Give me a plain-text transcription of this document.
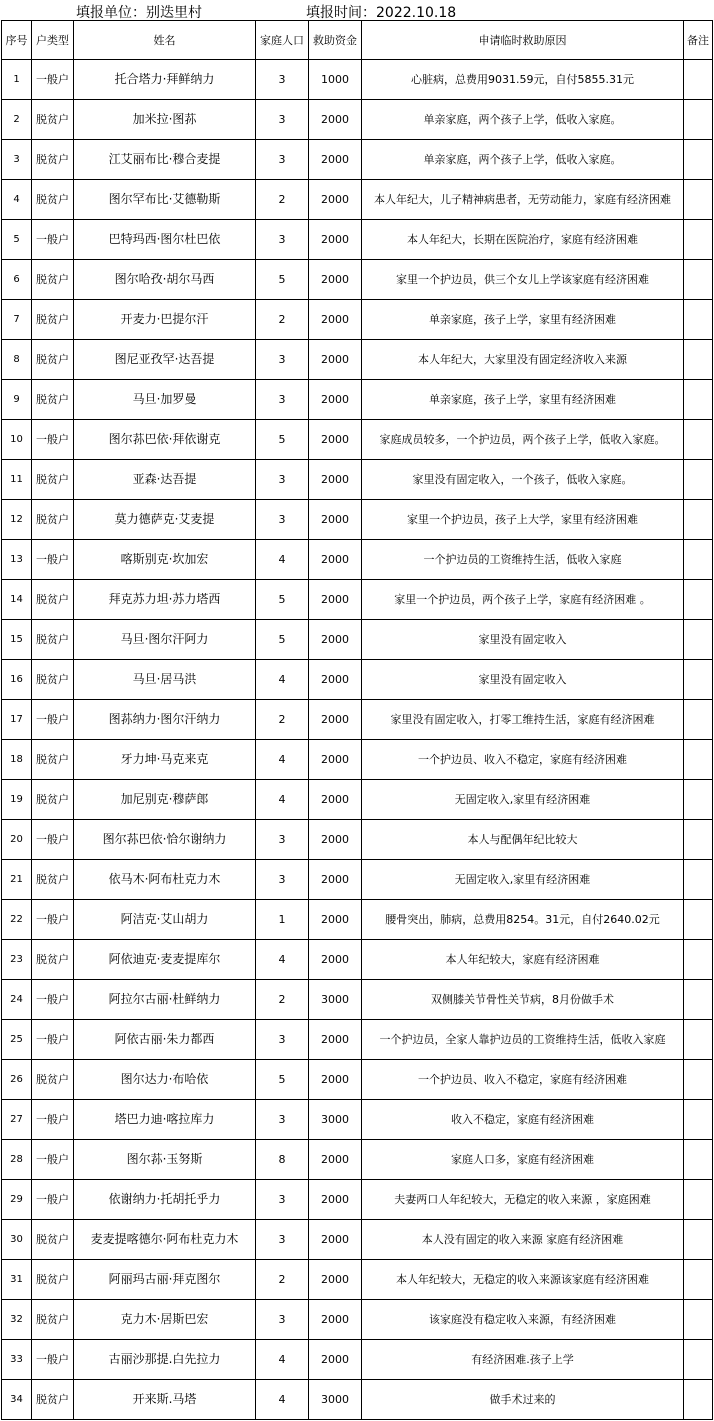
填报单位：别迭里村	填报时间：2022.10.18
序号	户类型	姓名	家庭人口	救助资金	申请临时救助原因	备注
1	一般户	托合塔力·拜鲜纳力	3	1000	心脏病，总费用9031.59元，自付5855.31元	
2	脱贫户	加米拉·图荪	3	2000	单亲家庭，两个孩子上学，低收入家庭。	
3	脱贫户	江艾丽布比·穆合麦提	3	2000	单亲家庭，两个孩子上学，低收入家庭。	
4	脱贫户	图尔罕布比·艾德勒斯	2	2000	本人年纪大，儿子精神病患者，无劳动能力，家庭有经济困难	
5	一般户	巴特玛西·图尔杜巴依	3	2000	本人年纪大，长期在医院治疗，家庭有经济困难	
6	脱贫户	图尔哈孜·胡尔马西	5	2000	家里一个护边员，供三个女儿上学该家庭有经济困难	
7	脱贫户	开麦力·巴提尔汗	2	2000	单亲家庭，孩子上学，家里有经济困难	
8	脱贫户	图尼亚孜罕·达吾提	3	2000	本人年纪大，大家里没有固定经济收入来源	
9	脱贫户	马旦·加罗曼	3	2000	单亲家庭，孩子上学，家里有经济困难	
10	一般户	图尔荪巴依·拜依谢克	5	2000	家庭成员较多，一个护边员，两个孩子上学，低收入家庭。	
11	脱贫户	亚森·达吾提	3	2000	家里没有固定收入，一个孩子，低收入家庭。	
12	脱贫户	莫力德萨克·艾麦提	3	2000	家里一个护边员，孩子上大学，家里有经济困难	
13	一般户	喀斯别克·坎加宏	4	2000	一个护边员的工资维持生活，低收入家庭	
14	脱贫户	拜克苏力坦·苏力塔西	5	2000	家里一个护边员，两个孩子上学，家庭有经济困难 。	
15	脱贫户	马旦·图尔汗阿力	5	2000	家里没有固定收入	
16	脱贫户	马旦·居马洪	4	2000	家里没有固定收入	
17	一般户	图荪纳力·图尔汗纳力	2	2000	家里没有固定收入，打零工维持生活，家庭有经济困难	
18	脱贫户	牙力坤·马克来克	4	2000	一个护边员、收入不稳定，家庭有经济困难	
19	脱贫户	加尼别克·穆萨郎	4	2000	无固定收入,家里有经济困难	
20	一般户	图尔荪巴依·恰尔谢纳力	3	2000	本人与配偶年纪比较大	
21	脱贫户	依马木·阿布杜克力木	3	2000	无固定收入,家里有经济困难	
22	一般户	阿洁克·艾山胡力	1	2000	腰骨突出，肺病，总费用8254。31元，自付2640.02元	
23	脱贫户	阿依迪克·麦麦提库尔	4	2000	本人年纪较大，家庭有经济困难	
24	一般户	阿拉尔古丽·杜鲜纳力	2	3000	双侧膝关节骨性关节病，8月份做手术	
25	一般户	阿依古丽·朱力都西	3	2000	一个护边员，全家人靠护边员的工资维持生活，低收入家庭	
26	脱贫户	图尔达力·布哈依	5	2000	一个护边员、收入不稳定，家庭有经济困难	
27	一般户	塔巴力迪·喀拉库力	3	3000	收入不稳定，家庭有经济困难	
28	一般户	图尔荪·玉努斯	8	2000	家庭人口多，家庭有经济困难	
29	一般户	依谢纳力·托胡托乎力	3	2000	夫妻两口人年纪较大，无稳定的收入来源 ，家庭困难	
30	脱贫户	麦麦提喀德尔·阿布杜克力木	3	2000	本人没有固定的收入来源 家庭有经济困难	
31	脱贫户	阿丽玛古丽·拜克图尔	2	2000	本人年纪较大，无稳定的收入来源该家庭有经济困难	
32	脱贫户	克力木·居斯巴宏	3	2000	该家庭没有稳定收入来源，有经济困难	
33	一般户	古丽沙那提.白先拉力	4	2000	有经济困难.孩子上学	
34	脱贫户	开来斯.马塔	4	3000	做手术过来的	
